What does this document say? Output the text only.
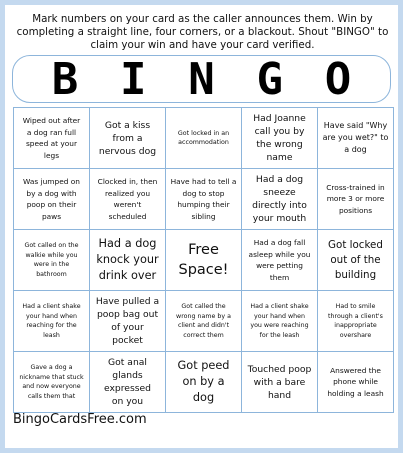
Mark numbers on your card as the caller announces them. Win by completing a straight line, four corners, or a blackout. Shout "BINGO" to claim your win and have your card verified.
B I N G O
Wiped out after a dog ran full speed at your legs
Got a kiss from a nervous dog
Got locked in an accommodation
Had Joanne call you by the wrong name
Have said "Why are you wet?" to a dog
Was jumped on by a dog with poop on their paws
Clocked in, then realized you weren't scheduled
Have had to tell a dog to stop humping their sibling
Had a dog sneeze directly into your mouth
Cross-trained in more 3 or more positions
Got called on the walkie while you were in the bathroom
Had a dog knock your drink over
Free Space!
Had a dog fall asleep while you were petting them
Got locked out of the building
Had a client shake your hand when reaching for the leash
Have pulled a poop bag out of your pocket
Got called the wrong name by a client and didn't correct them
Had a client shake your hand when you were reaching for the leash
Had to smile through a client's inappropriate overshare
Gave a dog a nickname that stuck and now everyone calls them that
Got anal glands expressed on you
Got peed on by a dog
Touched poop with a bare hand
Answered the phone while holding a leash
BingoCardsFree.com
